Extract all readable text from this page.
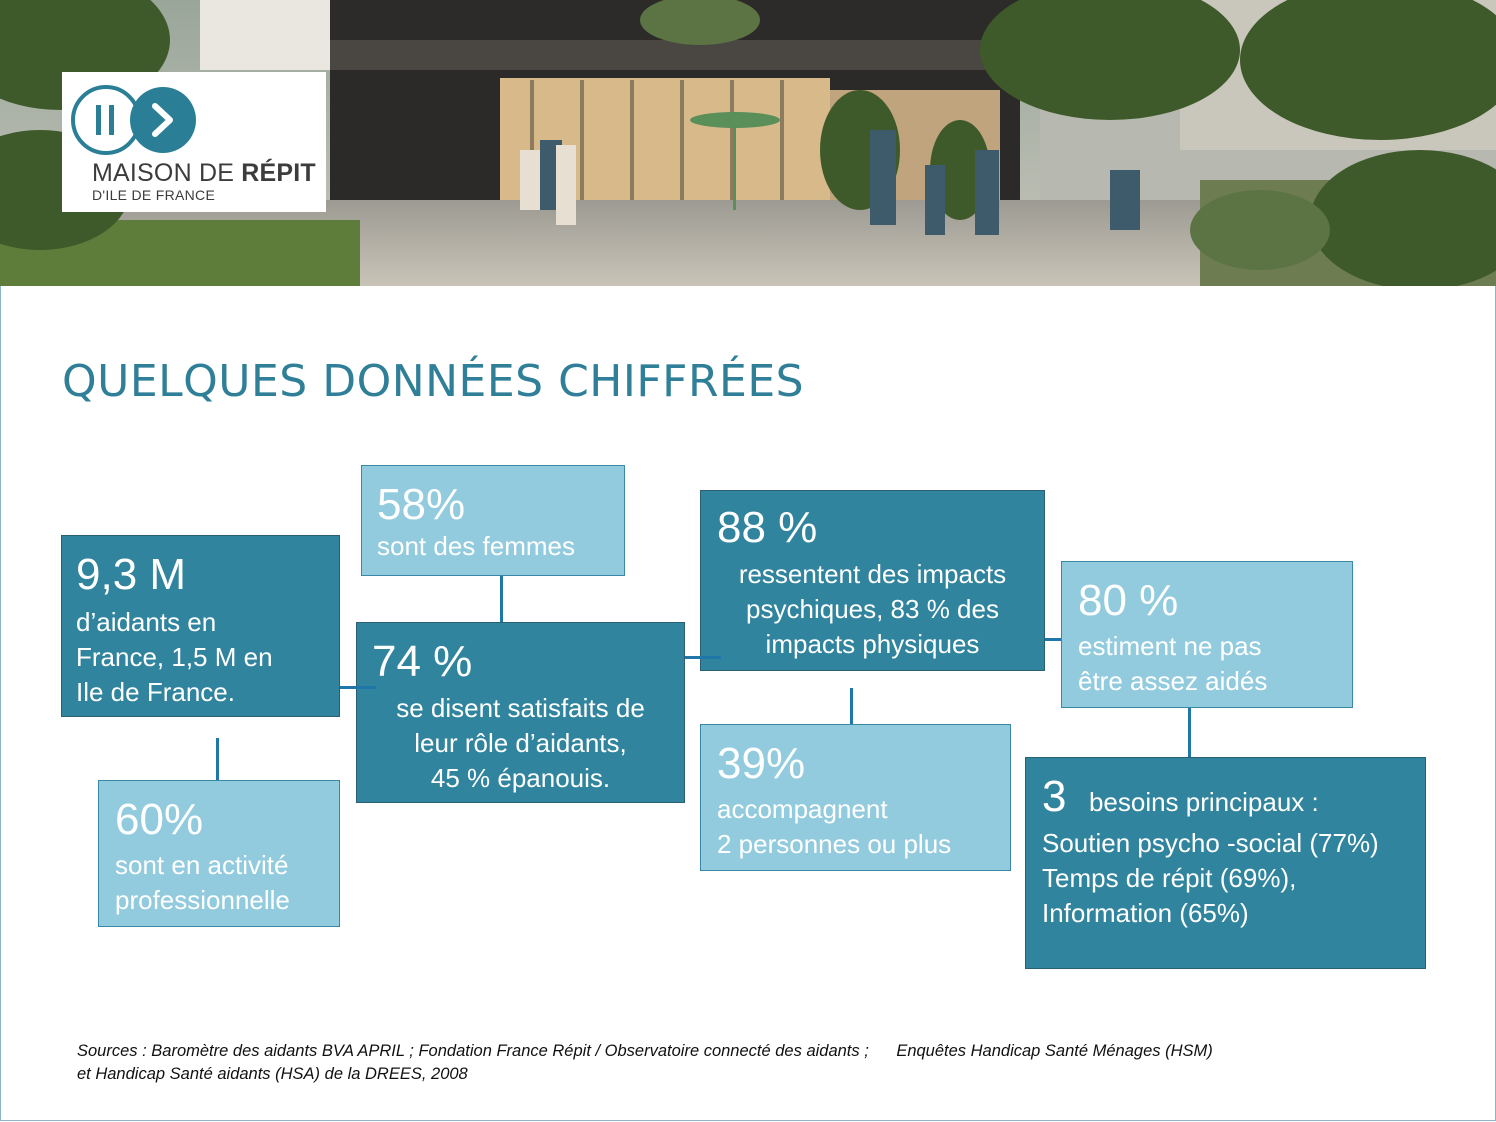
MAISON DE RÉPIT
D'ILE DE FRANCE
QUELQUES DONNÉES CHIFFRÉES
9,3 M
d’aidants en
France, 1,5 M en
Ile de France.
58%
sont des femmes
74 %
se disent satisfaits de
leur rôle d’aidants,
45 % épanouis.
60%
sont en activité
professionnelle
88 %
ressentent des impacts
psychiques, 83 % des
impacts physiques
39%
accompagnent
2 personnes ou plus
80 %
estiment ne pas
être assez aidés
3 besoins principaux :
Soutien psycho -social (77%)
Temps de répit (69%),
Information (65%)
Sources : Baromètre des aidants BVA APRIL ; Fondation France Répit / Observatoire connecté des aidants ;      Enquêtes Handicap Santé Ménages (HSM)
et Handicap Santé aidants (HSA) de la DREES, 2008
